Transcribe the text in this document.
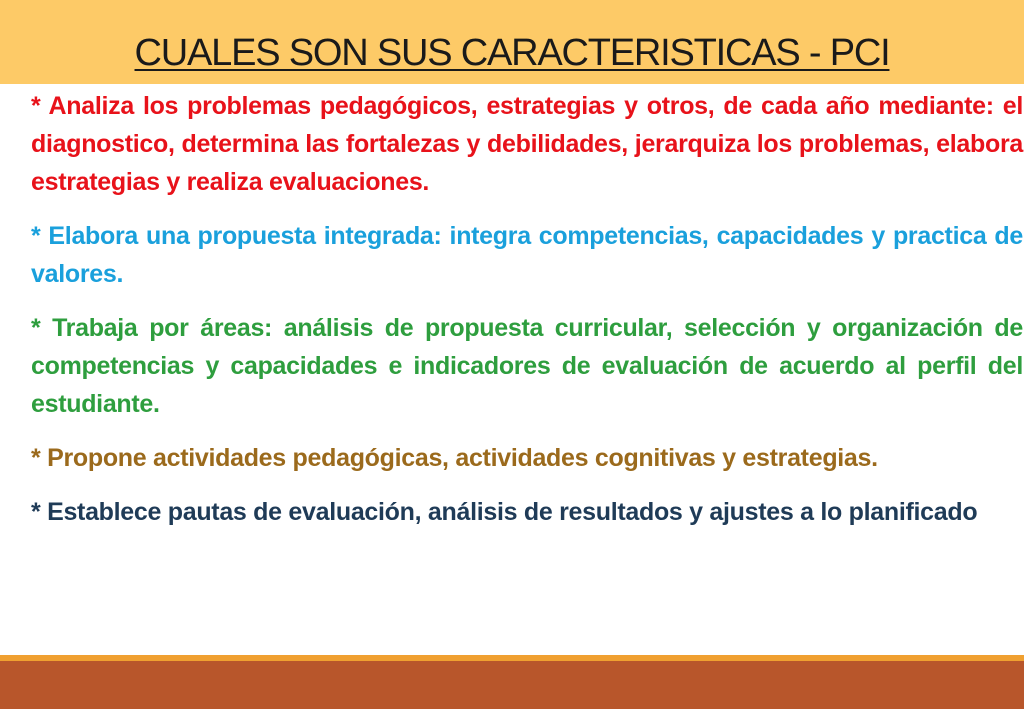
CUALES SON SUS CARACTERISTICAS - PCI

* Analiza los problemas pedagógicos, estrategias y otros, de cada año mediante: el diagnostico, determina las fortalezas y debilidades, jerarquiza los problemas, elabora estrategias y realiza evaluaciones.

* Elabora una propuesta integrada: integra competencias, capacidades y practica de valores.

* Trabaja por áreas: análisis de propuesta curricular, selección y organización de competencias y capacidades e indicadores de evaluación de acuerdo al perfil del estudiante.

* Propone actividades pedagógicas, actividades cognitivas y estrategias.

* Establece pautas de evaluación, análisis de resultados y ajustes a lo planificado
